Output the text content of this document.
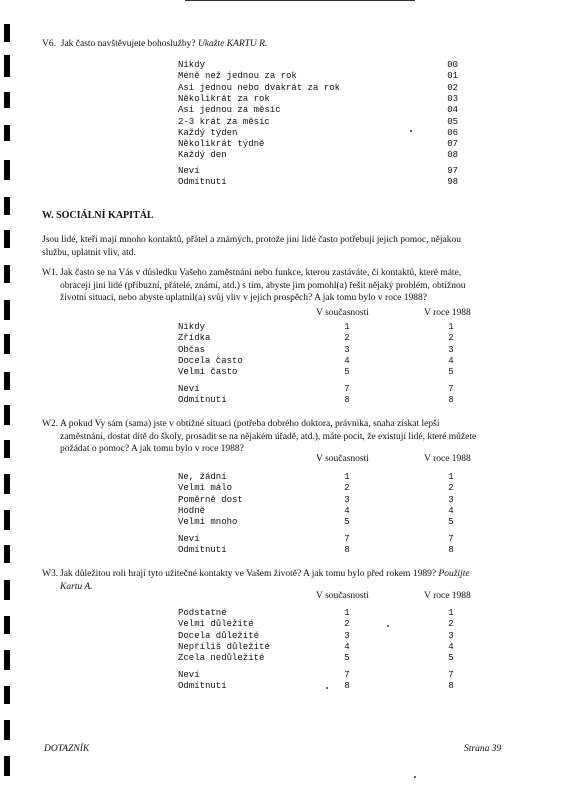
V6. Jak často navštěvujete bohoslužby? Ukažte KARTU R.
Nikdy	00
Méně než jednou za rok	01
Asi jednou nebo dvakrát za rok	02
Několikrát za rok	03
Asi jednou za měsíc	04
2-3 krát za měsíc	05
Každý týden	06
Několikrát týdně	07
Každý den	08
Neví	97
Odmítnutí	98
W. SOCIÁLNÍ KAPITÁL
Jsou lidé, kteří mají mnoho kontaktů, přátel a známých, protože jiní lidé často potřebují jejich pomoc, nějakou
službu, uplatnit vliv, atd.
W1. Jak často se na Vás v důsledku Vašeho zaměstnání nebo funkce, kterou zastáváte, či kontaktů, které máte,
obracejí jiní lidé (příbuzní, přátelé, známí, atd.) s tím, abyste jim pomohl(a) řešit nějaký problém, obtížnou
životní situaci, nebo abyste uplatnil(a) svůj vliv v jejich prospěch? A jak tomu bylo v roce 1988?
V současnosti	V roce 1988
Nikdy	1	1
Zřídka	2	2
Občas	3	3
Docela často	4	4
Velmi často	5	5
Neví	7	7
Odmítnutí	8	8
W2. A pokud Vy sám (sama) jste v obtížné situaci (potřeba dobrého doktora, právníka, snaha získat lepší
zaměstnání, dostat dítě do školy, prosadit se na nějakém úřadě, atd.), máte pocit, že existují lidé, které můžete
požádat o pomoc? A jak tomu bylo v roce 1988?
V současnosti	V roce 1988
Ne, žádní	1	1
Velmi málo	2	2
Poměrně dost	3	3
Hodně	4	4
Velmi mnoho	5	5
Neví	7	7
Odmítnutí	8	8
W3. Jak důležitou roli hrají tyto užitečné kontakty ve Vašem životě? A jak tomu bylo před rokem 1989? Použijte
Kartu A.
V současnosti	V roce 1988
Podstatné	1	1
Velmi důležité	2	2
Docela důležité	3	3
Nepříliš důležité	4	4
Zcela nedůležité	5	5
Neví	7	7
Odmítnutí	8	8
DOTAZNÍK	Strana 39
